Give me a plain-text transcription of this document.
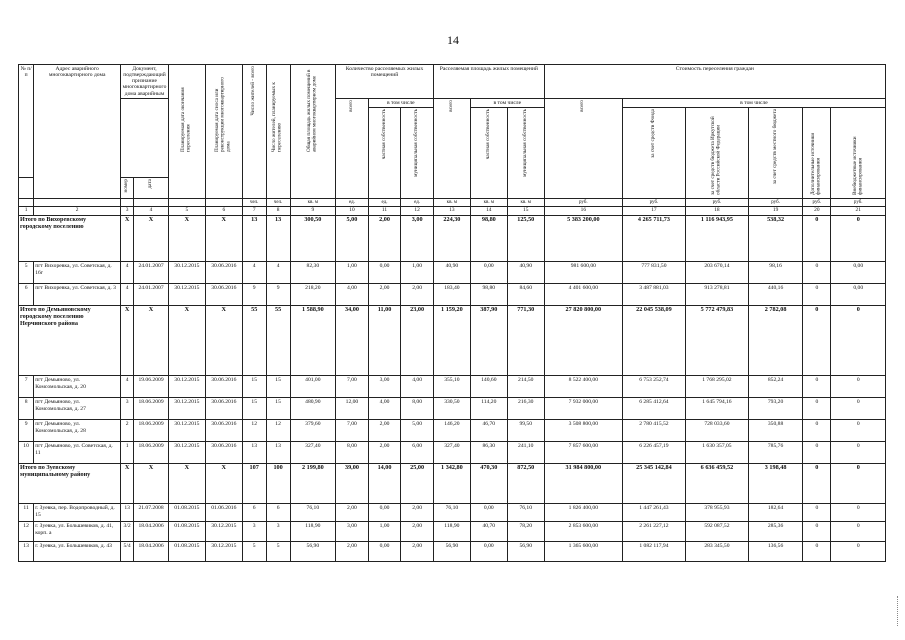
14
·
№ п/п	Адрес аварийного многоквартирного дома	Документ, подтверждающий признание многоквартирного дома аварийным		Планируемая дата окончания переселения	Планируемая дата сноса или реконструкции многоквартирного дома	Число жителей - всего	Число жителей, планируемых к переселению	Общая площадь жилых помещений в аварийном многоквартирном доме	Количество расселяемых жилых помещений			Расселяемая площадь жилых помещений			Стоимость переселения граждан					
									всего	в том числе		всего	в том числе		всего	в том числе				
										частная собственность	муниципальная собственность		частная собственность	муниципальная собственность		за счет средств Фонда	за счет средств бюджета Иркутской области Российской Федерации	за счет средств местного бюджета	Дополнительные источники финансирования	Внебюджетные источники финансирования
		номер	дата																	
						чел.	чел.	кв. м	ед.	ед.	ед.	кв. м	кв. м	кв. м	руб.	руб.	руб.	руб.	руб.	руб.
1	2	3	4	5	6	7	8	9	10	11	12	13	14	15	16	17	18	19	20	21
Итого по Вихоревскому городскому поселению		X	X	X	X	13	13	300,50	5,00	2,00	3,00	224,30	98,80	125,50	5 383 200,00	4 265 711,73	1 116 943,95	538,32	0	0
5	пгт Вихоревка, ул. Советская, д. 16г	4	24.01.2007	30.12.2015	30.06.2016	4	4	82,30	1,00	0,00	1,00	40,90	0,00	40,90	981 600,00	777 831,50	203 670,14	98,16	0	0,00
6	пгт Вихоревка, ул. Советская, д. 3	4	24.01.2007	30.12.2015	30.06.2016	9	9	218,20	4,00	2,00	2,00	183,40	98,80	84,60	4 401 600,00	3 487 881,03	913 278,81	440,16	0	0,00
Итого по Демьяновскому городскому поселению Нерчинского района		X	X	X	X	55	55	1 588,90	34,00	11,00	23,00	1 159,20	387,90	771,30	27 820 800,00	22 045 538,09	5 772 479,83	2 782,08	0	0
7	пгт Демьяново, ул. Комсомольская, д. 20	4	19.06.2009	30.12.2015	30.06.2016	15	15	401,00	7,00	3,00	4,00	355,10	140,60	214,50	8 522 400,00	6 753 252,74	1 768 295,02	852,24	0	0
8	пгт Демьяново, ул. Комсомольская, д. 27	3	18.06.2009	30.12.2015	30.06.2016	15	15	480,90	12,00	4,00	8,00	330,50	114,20	216,30	7 932 000,00	6 285 412,64	1 645 794,16	793,20	0	0
9	пгт Демьяново, ул. Комсомольская, д. 28	2	18.06.2009	30.12.2015	30.06.2016	12	12	379,60	7,00	2,00	5,00	146,20	46,70	99,50	3 508 800,00	2 780 415,52	728 033,60	350,88	0	0
10	пгт Демьяново, ул. Советская, д. 11	1	18.06.2009	30.12.2015	30.06.2016	13	13	327,40	8,00	2,00	6,00	327,40	86,30	241,10	7 857 600,00	6 226 457,19	1 630 357,05	785,76	0	0
Итого по Зуевскому муниципальному району		X	X	X	X	107	100	2 199,80	39,00	14,00	25,00	1 342,80	470,30	872,50	31 984 800,00	25 345 142,84	6 636 459,52	3 198,48	0	0
11	г. Зуевка, пер. Водопроводный, д. 15	13	21.07.2008	01.08.2015	01.06.2016	6	6	76,10	2,00	0,00	2,00	76,10	0,00	76,10	1 826 400,00	1 447 261,43	378 955,93	182,64	0	0
12	г. Зуевка, ул. Большевиков, д. 41, корп. а	3/2	18.04.2006	01.08.2015	30.12.2015	3	3	118,90	3,00	1,00	2,00	118,90	40,70	78,20	2 853 600,00	2 261 227,12	592 087,52	285,36	0	0
13	г. Зуевка, ул. Большевиков, д. 43	5/4	18.04.2006	01.08.2015	30.12.2015	5	5	56,90	2,00	0,00	2,00	56,90	0,00	56,90	1 365 600,00	1 082 117,94	283 345,50	136,56	0	0
